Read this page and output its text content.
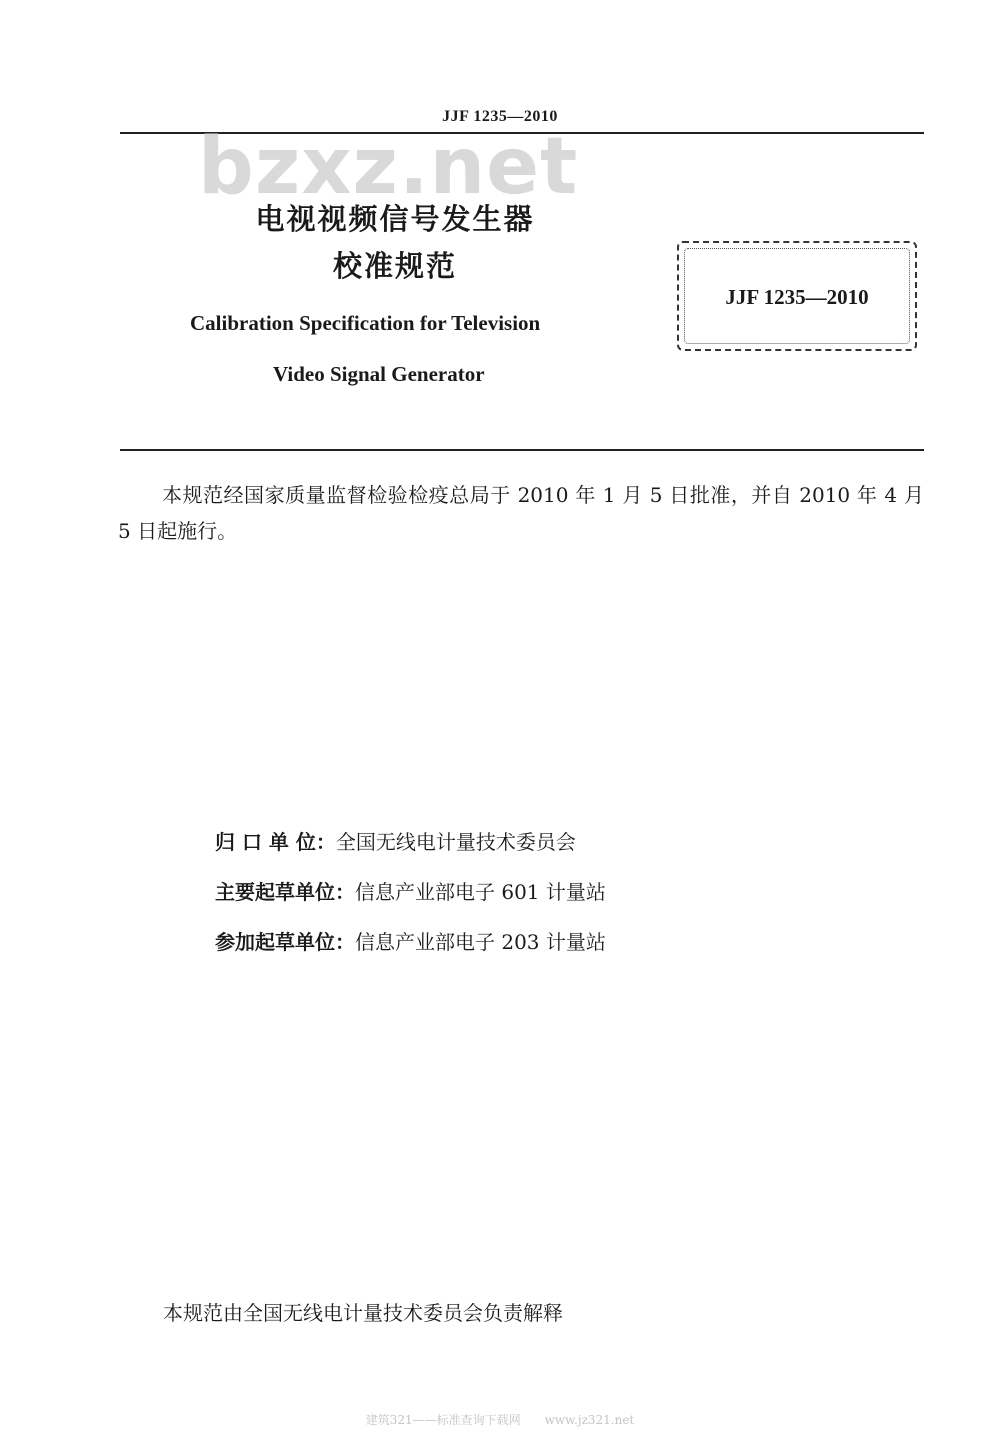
JJF 1235—2010
bzxz.net
电视视频信号发生器
校准规范
Calibration Specification for Television
Video Signal Generator
JJF 1235—2010
本规范经国家质量监督检验检疫总局于 2010 年 1 月 5 日批准，并自 2010 年 4 月 5 日起施行。
归 口 单 位：全国无线电计量技术委员会
主要起草单位：信息产业部电子 601 计量站
参加起草单位：信息产业部电子 203 计量站
本规范由全国无线电计量技术委员会负责解释
建筑321——标准查询下载网　　www.jz321.net
